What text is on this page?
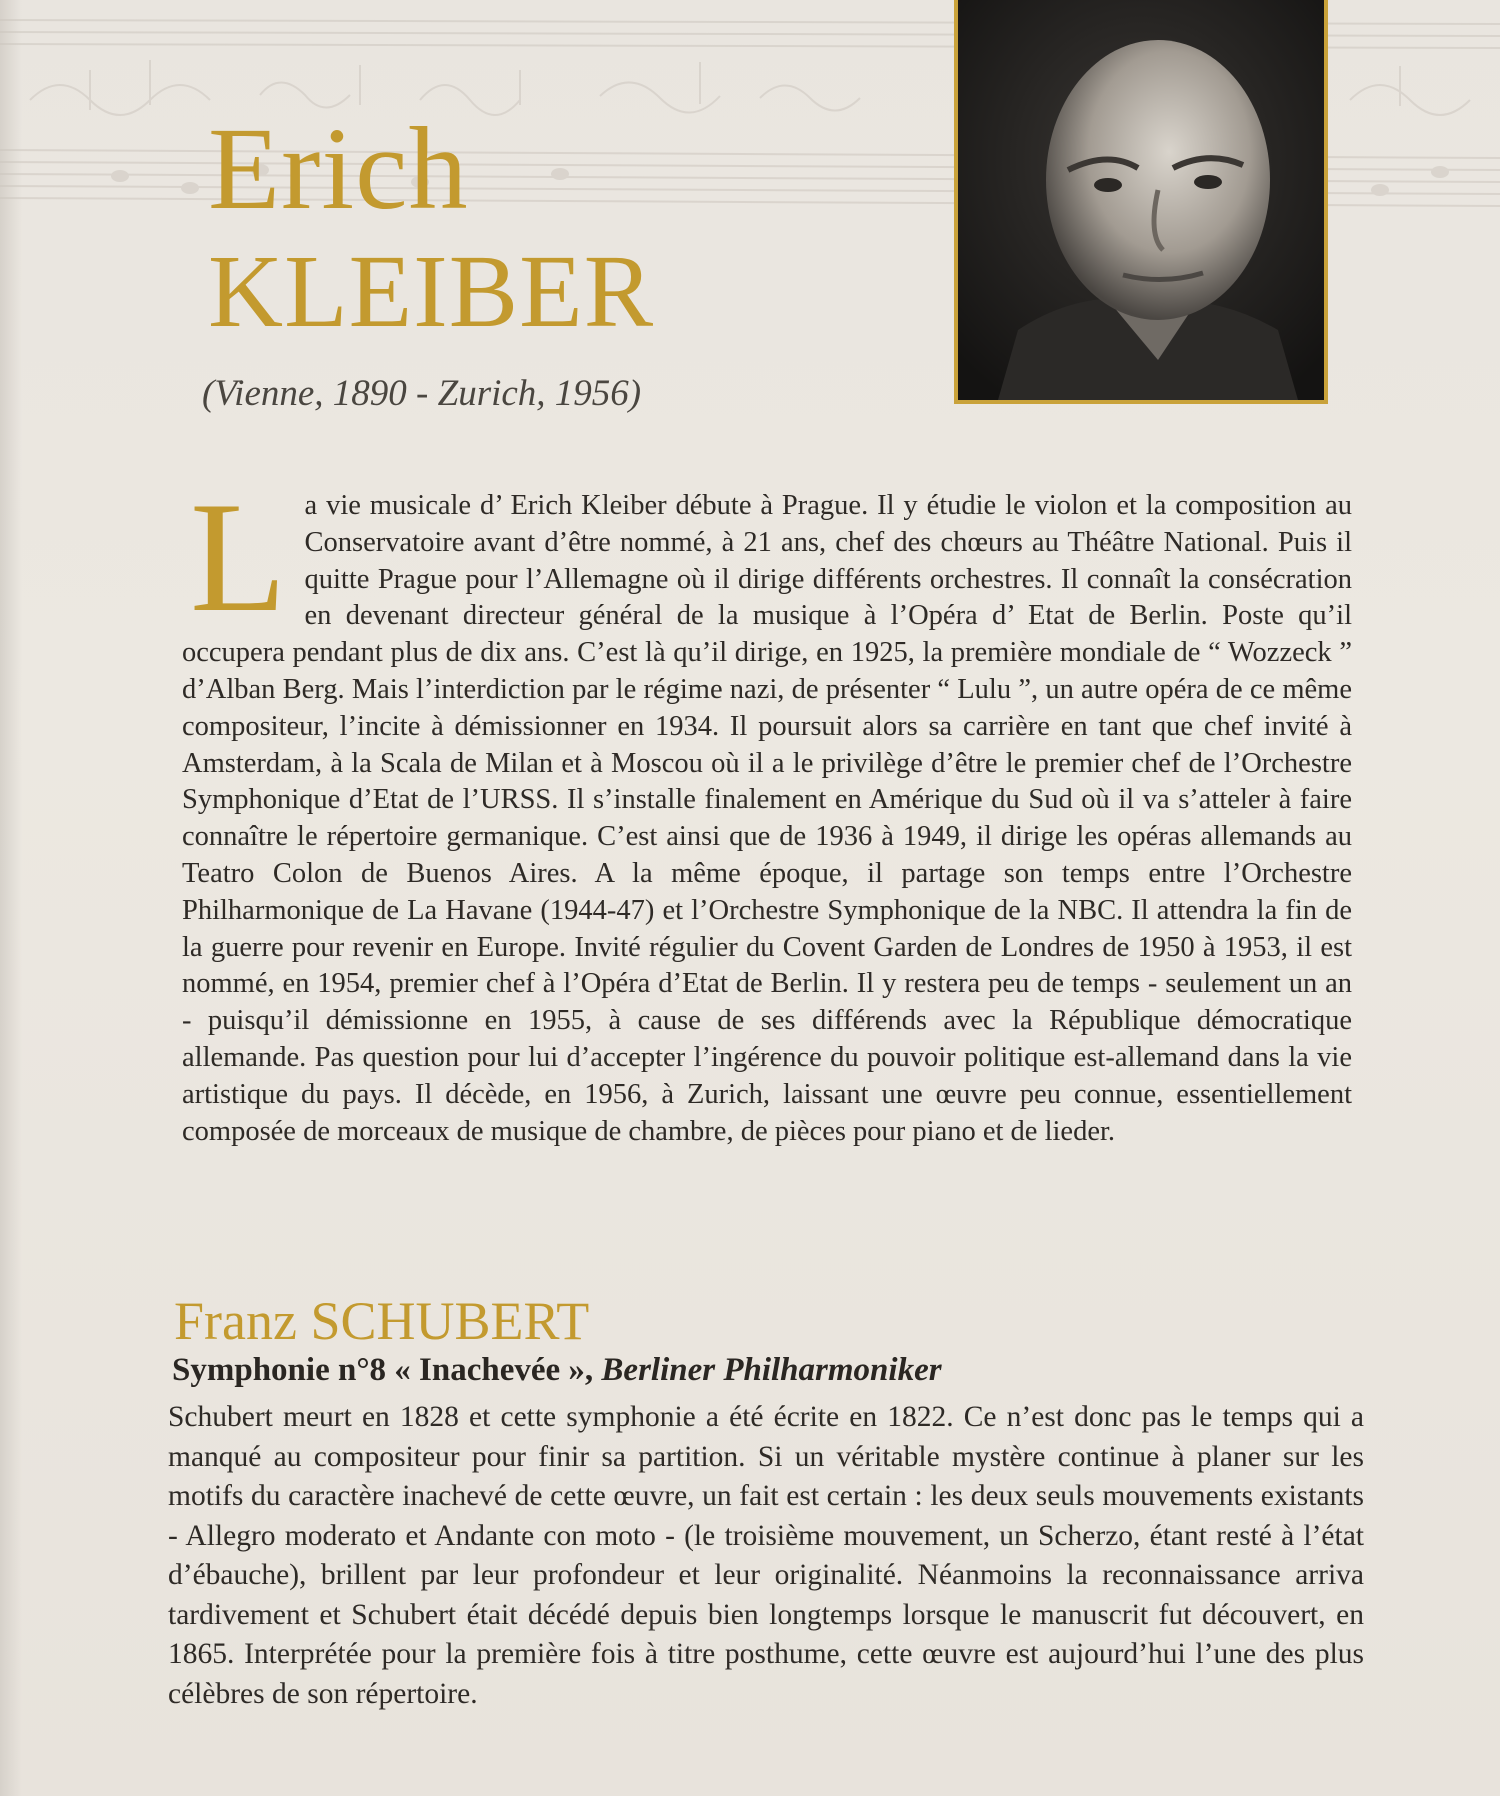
Erich
KLEIBER

(Vienne, 1890 - Zurich, 1956)

La vie musicale d’ Erich Kleiber débute à Prague. Il y étudie le violon et la composition au Conservatoire avant d’être nommé, à 21 ans, chef des chœurs au Théâtre National. Puis il quitte Prague pour l’Allemagne où il dirige différents orchestres. Il connaît la consécration en devenant directeur général de la musique à l’Opéra d’ Etat de Berlin. Poste qu’il occupera pendant plus de dix ans. C’est là qu’il dirige, en 1925, la première mondiale de “ Wozzeck ” d’Alban Berg. Mais l’interdiction par le régime nazi, de présenter “ Lulu ”, un autre opéra de ce même compositeur, l’incite à démissionner en 1934. Il poursuit alors sa carrière en tant que chef invité à Amsterdam, à la Scala de Milan et à Moscou où il a le privilège d’être le premier chef de l’Orchestre Symphonique d’Etat de l’URSS. Il s’installe finalement en Amérique du Sud où il va s’atteler à faire connaître le répertoire germanique. C’est ainsi que de 1936 à 1949, il dirige les opéras allemands au Teatro Colon de Buenos Aires. A la même époque, il partage son temps entre l’Orchestre Philharmonique de La Havane (1944-47) et l’Orchestre Symphonique de la NBC. Il attendra la fin de la guerre pour revenir en Europe. Invité régulier du Covent Garden de Londres de 1950 à 1953, il est nommé, en 1954, premier chef à l’Opéra d’Etat de Berlin. Il y restera peu de temps - seulement un an - puisqu’il démissionne en 1955, à cause de ses différends avec la République démocratique allemande. Pas question pour lui d’accepter l’ingérence du pouvoir politique est-allemand dans la vie artistique du pays. Il décède, en 1956, à Zurich, laissant une œuvre peu connue, essentiellement composée de morceaux de musique de chambre, de pièces pour piano et de lieder.

Franz SCHUBERT
Symphonie n°8 « Inachevée », Berliner Philharmoniker

Schubert meurt en 1828 et cette symphonie a été écrite en 1822. Ce n’est donc pas le temps qui a manqué au compositeur pour finir sa partition. Si un véritable mystère continue à planer sur les motifs du caractère inachevé de cette œuvre, un fait est certain : les deux seuls mouvements existants - Allegro moderato et Andante con moto - (le troisième mouvement, un Scherzo, étant resté à l’état d’ébauche), brillent par leur profondeur et leur originalité. Néanmoins la reconnaissance arriva tardivement et Schubert était décédé depuis bien longtemps lorsque le manuscrit fut découvert, en 1865. Interprétée pour la première fois à titre posthume, cette œuvre est aujourd’hui l’une des plus célèbres de son répertoire.
